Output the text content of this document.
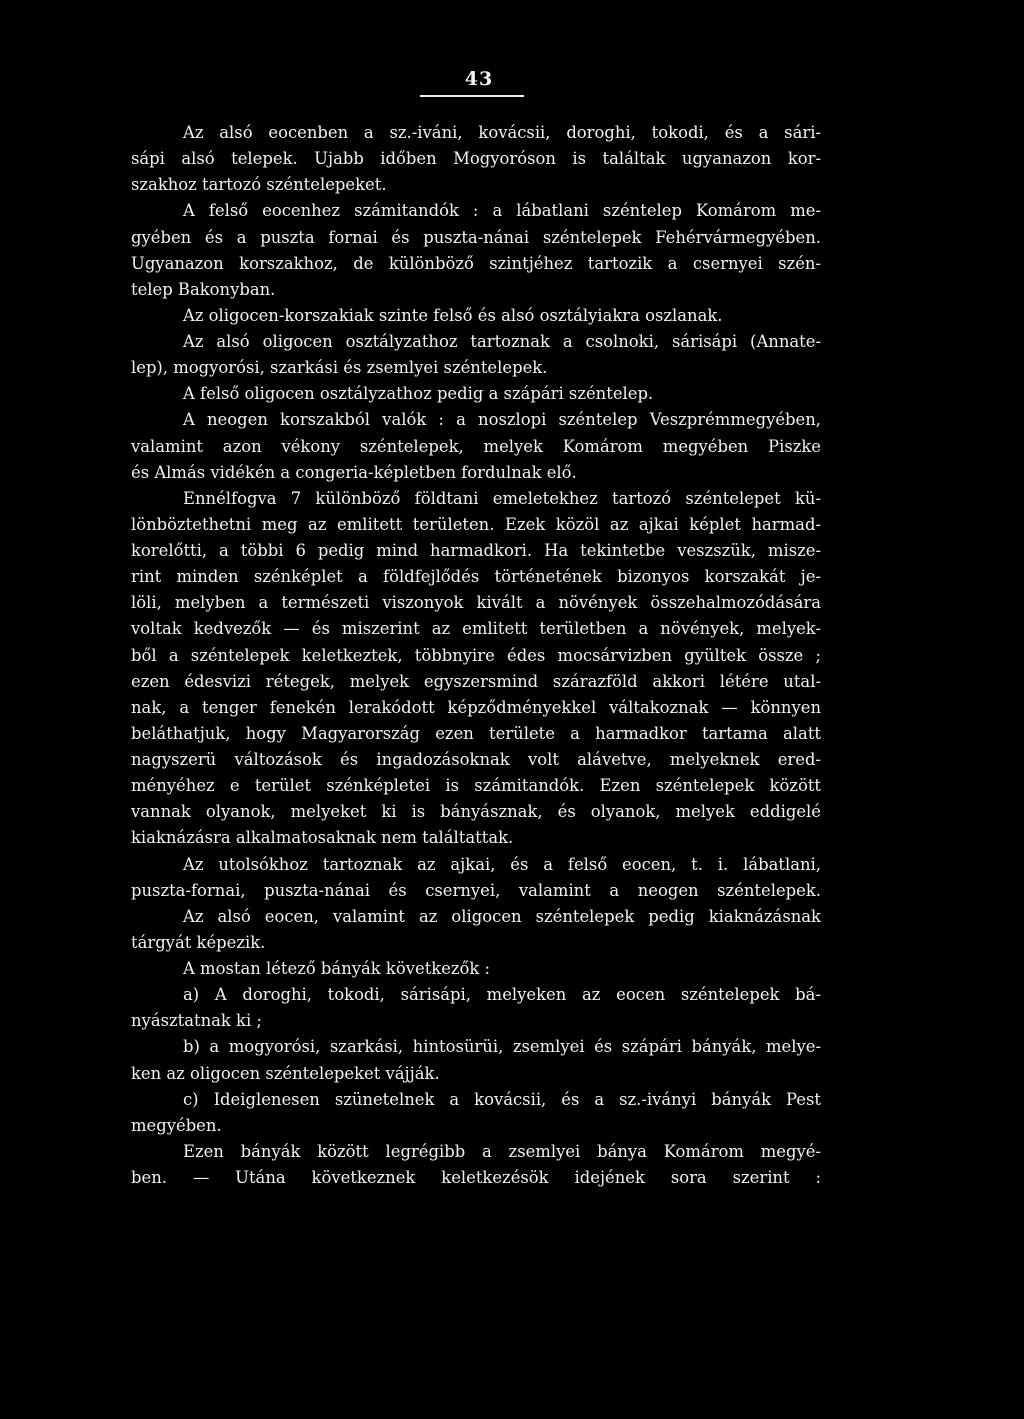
43
Az alsó eocenben a sz.-iváni, kovácsii, doroghi, tokodi, és a sári-
sápi alsó telepek. Ujabb időben Mogyoróson is találtak ugyanazon kor-
szakhoz tartozó széntelepeket.
A felső eocenhez számitandók : a lábatlani széntelep Komárom me-
gyében és a puszta fornai és puszta-nánai széntelepek Fehérvármegyében.
Ugyanazon korszakhoz, de különböző szintjéhez tartozik a csernyei szén-
telep Bakonyban.
Az oligocen-korszakiak szinte felső és alsó osztályiakra oszlanak.
Az alsó oligocen osztályzathoz tartoznak a csolnoki, sárisápi (Annate-
lep), mogyorósi, szarkási és zsemlyei széntelepek.
A felső oligocen osztályzathoz pedig a szápári széntelep.
A neogen korszakból valók : a noszlopi széntelep Veszprémmegyében,
valamint azon vékony széntelepek, melyek Komárom megyében Piszke
és Almás vidékén a congeria-képletben fordulnak elő.
Ennélfogva 7 különböző földtani emeletekhez tartozó széntelepet kü-
lönböztethetni meg az emlitett területen. Ezek közöl az ajkai képlet harmad-
korelőtti, a többi 6 pedig mind harmadkori. Ha tekintetbe veszszük, misze-
rint minden szénképlet a földfejlődés történetének bizonyos korszakát je-
löli, melyben a természeti viszonyok kivált a növények összehalmozódására
voltak kedvezők — és miszerint az emlitett területben a növények, melyek-
ből a széntelepek keletkeztek, többnyire édes mocsárvizben gyültek össze ;
ezen édesvizi rétegek, melyek egyszersmind szárazföld akkori létére utal-
nak, a tenger fenekén lerakódott képződményekkel váltakoznak — könnyen
beláthatjuk, hogy Magyarország ezen területe a harmadkor tartama alatt
nagyszerü változások és ingadozásoknak volt alávetve, melyeknek ered-
ményéhez e terület szénképletei is számitandók. Ezen széntelepek között
vannak olyanok, melyeket ki is bányásznak, és olyanok, melyek eddigelé
kiaknázásra alkalmatosaknak nem találtattak.
Az utolsókhoz tartoznak az ajkai, és a felső eocen, t. i. lábatlani,
puszta-fornai, puszta-nánai és csernyei, valamint a neogen széntelepek.
Az alsó eocen, valamint az oligocen széntelepek pedig kiaknázásnak
tárgyát képezik.
A mostan létező bányák következők :
a) A doroghi, tokodi, sárisápi, melyeken az eocen széntelepek bá-
nyásztatnak ki ;
b) a mogyorósi, szarkási, hintosürüi, zsemlyei és szápári bányák, melye-
ken az oligocen széntelepeket vájják.
c) Ideiglenesen szünetelnek a kovácsii, és a sz.-iványi bányák Pest
megyében.
Ezen bányák között legrégibb a zsemlyei bánya Komárom megyé-
ben. — Utána következnek keletkezésök idejének sora szerint :
